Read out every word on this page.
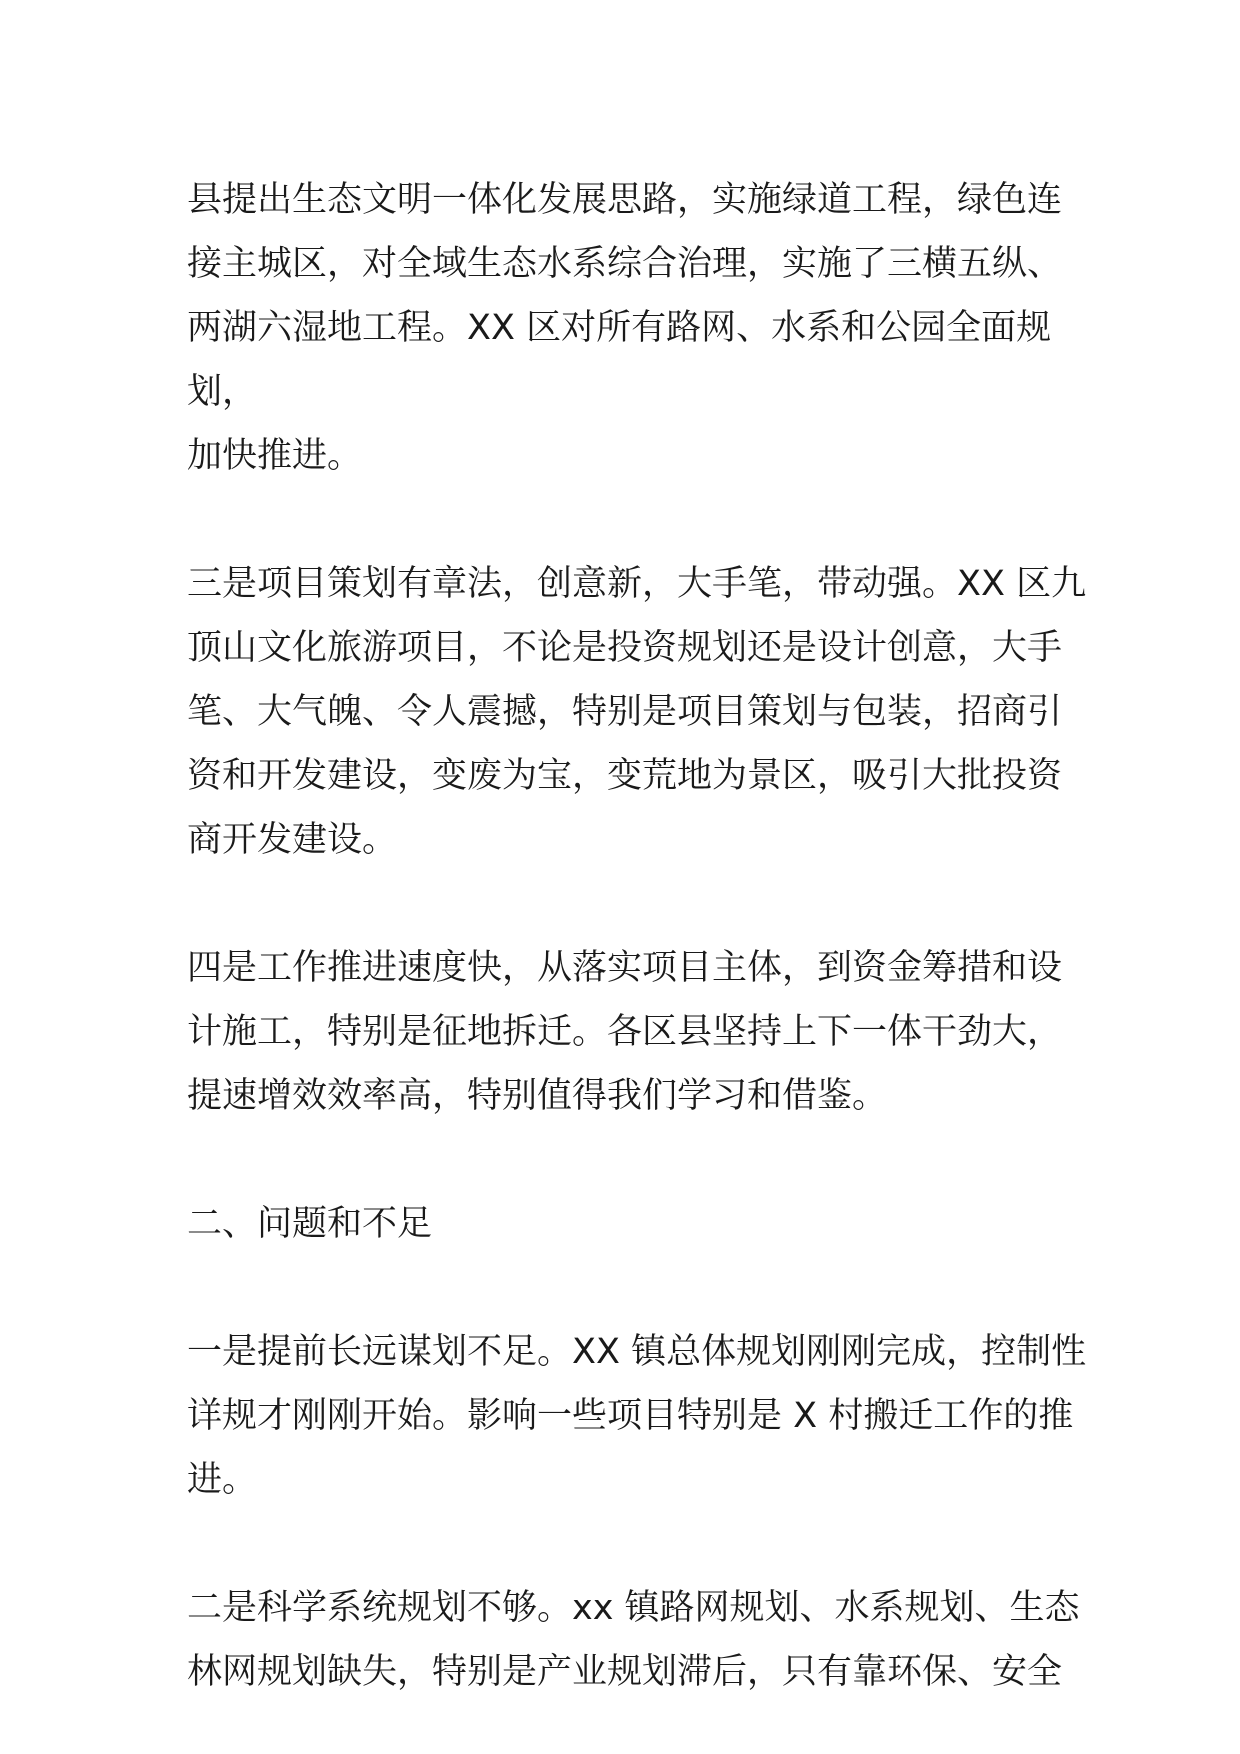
县提出生态文明一体化发展思路，实施绿道工程，绿色连
接主城区，对全域生态水系综合治理，实施了三横五纵、
两湖六湿地工程。XX 区对所有路网、水系和公园全面规划，
加快推进。

三是项目策划有章法，创意新，大手笔，带动强。XX 区九
顶山文化旅游项目，不论是投资规划还是设计创意，大手
笔、大气魄、令人震撼，特别是项目策划与包装，招商引
资和开发建设，变废为宝，变荒地为景区，吸引大批投资
商开发建设。

四是工作推进速度快，从落实项目主体，到资金筹措和设
计施工，特别是征地拆迁。各区县坚持上下一体干劲大，
提速增效效率高，特别值得我们学习和借鉴。

二、问题和不足

一是提前长远谋划不足。XX 镇总体规划刚刚完成，控制性
详规才刚刚开始。影响一些项目特别是 X 村搬迁工作的推进。

二是科学系统规划不够。xx 镇路网规划、水系规划、生态
林网规划缺失，特别是产业规划滞后，只有靠环保、安全
